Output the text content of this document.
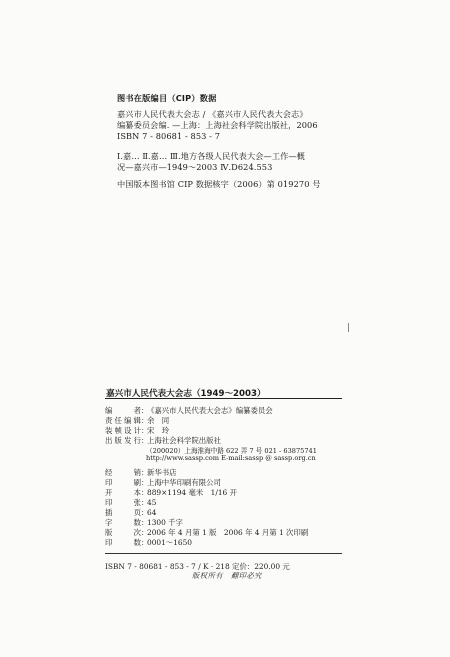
图书在版编目（CIP）数据
嘉兴市人民代表大会志 / 《嘉兴市人民代表大会志》
编纂委员会编. —上海：上海社会科学院出版社，2006
ISBN 7 - 80681 - 853 - 7
Ⅰ.嘉… Ⅱ.嘉… Ⅲ.地方各级人民代表大会—工作—概
况—嘉兴市—1949～2003 Ⅳ.D624.553
中国版本图书馆 CIP 数据核字（2006）第 019270 号
嘉兴市人民代表大会志（1949～2003）
编　者：《嘉兴市人民代表大会志》编纂委员会
责任编辑：余　同
装帧设计：宋　玲
出版发行：上海社会科学院出版社
（200020）上海淮海中路 622 弄 7 号 021 - 63875741
http://www.sassp.com E-mail:sassp @ sassp.org.cn
经　销：新华书店
印　刷：上海中华印刷有限公司
开　本：889×1194 毫米　1/16 开
印　张：45
插　页：64
字　数：1300 千字
版　次：2006 年 4 月第 1 版　2006 年 4 月第 1 次印刷
印　数：0001～1650
ISBN 7 - 80681 - 853 - 7 / K · 218 定价：220.00 元
版权所有　翻印必究
